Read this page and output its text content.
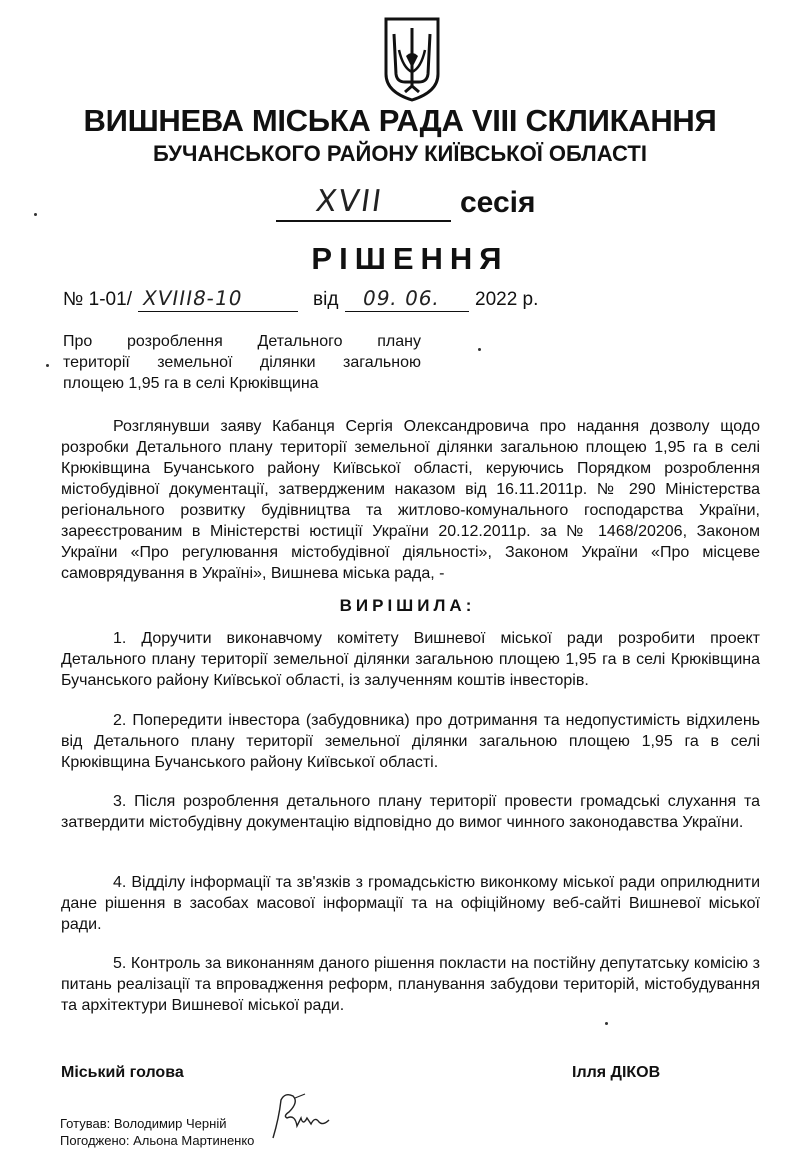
ВИШНЕВА МІСЬКА РАДА VIII СКЛИКАННЯ
БУЧАНСЬКОГО РАЙОНУ КИЇВСЬКОЇ ОБЛАСТІ
XVII сесія
РІШЕННЯ
№ 1-01/ XVIII8-10	від 09. 06. 2022 р.

Про розроблення Детального плану

території земельної ділянки загальною

площею 1,95 га в селі Крюківщина

Розглянувши заяву Кабанця Сергія Олександровича про надання дозволу щодо розробки Детального плану території земельної ділянки загальною площею 1,95 га в селі Крюківщина Бучанського району Київської області, керуючись Порядком розроблення містобудівної документації, затвердженим наказом від 16.11.2011р. № 290 Міністерства регіонального розвитку будівництва та житлово-комунального господарства України, зареєстрованим в Міністерстві юстиції України 20.12.2011р. за № 1468/20206, Законом України «Про регулювання містобудівної діяльності», Законом України «Про місцеве самоврядування в Україні», Вишнева міська рада, -

ВИРІШИЛА:

1. Доручити виконавчому комітету Вишневої міської ради розробити проект Детального плану території земельної ділянки загальною площею 1,95 га в селі Крюківщина Бучанського району Київської області, із залученням коштів інвесторів.

2. Попередити інвестора (забудовника) про дотримання та недопустимість відхилень від Детального плану території земельної ділянки загальною площею 1,95 га в селі Крюківщина Бучанського району Київської області.

3. Після розроблення детального плану території провести громадські слухання та затвердити містобудівну документацію відповідно до вимог чинного законодавства України.

4. Відділу інформації та зв'язків з громадськістю виконкому міської ради оприлюднити дане рішення в засобах масової інформації та на офіційному веб-сайті Вишневої міської ради.

5. Контроль за виконанням даного рішення покласти на постійну депутатську комісію з питань реалізації та впровадження реформ, планування забудови територій, містобудування та архітектури Вишневої міської ради.

Міський голова	Ілля ДІКОВ
Готував: Володимир Черній
Погоджено: Альона Мартиненко
